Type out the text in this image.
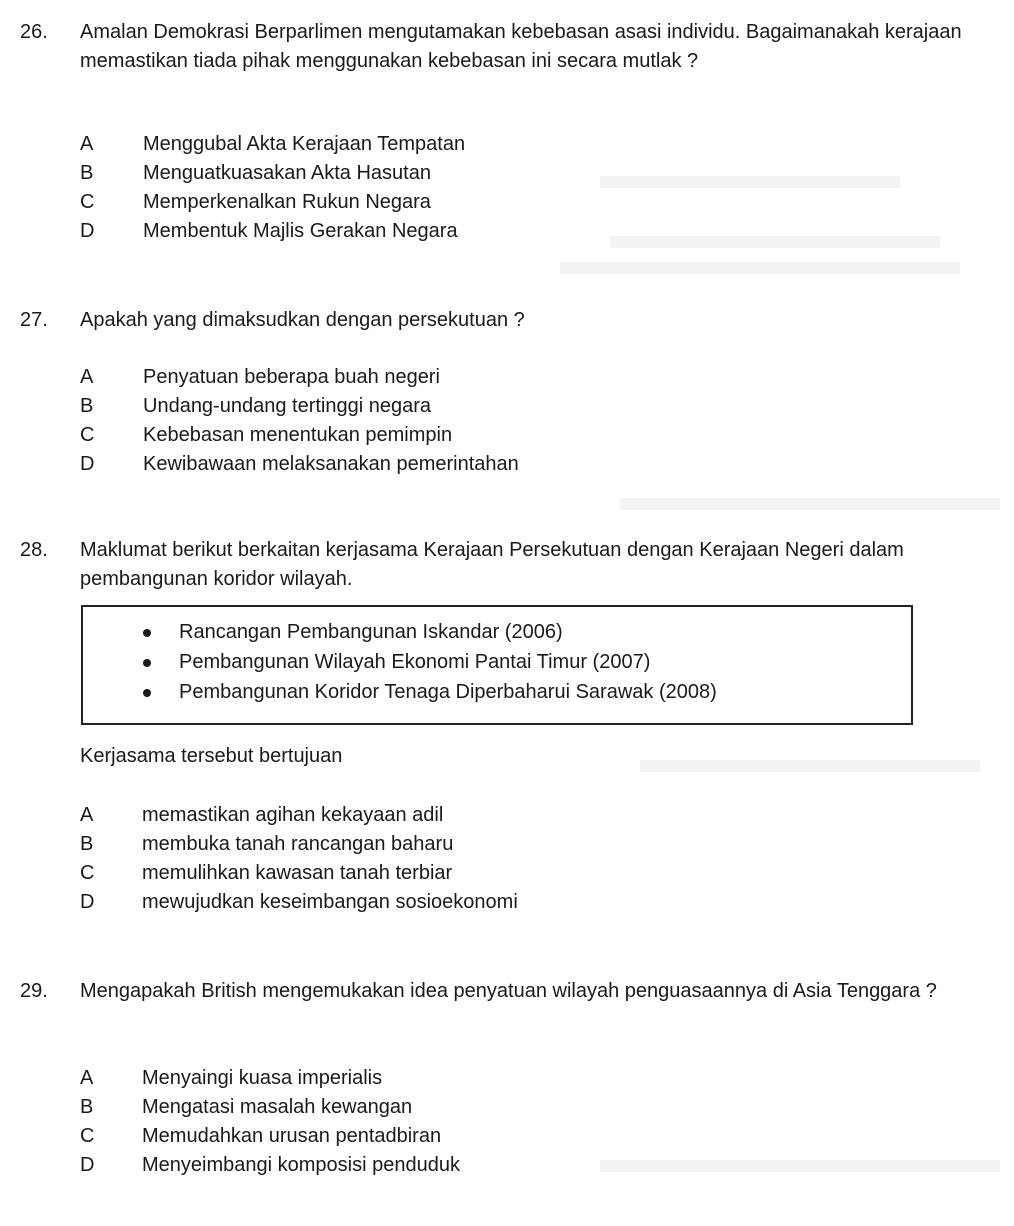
26. Amalan Demokrasi Berparlimen mengutamakan kebebasan asasi individu. Bagaimanakah kerajaan memastikan tiada pihak menggunakan kebebasan ini secara mutlak ?
A	Menggubal Akta Kerajaan Tempatan
B	Menguatkuasakan Akta Hasutan
C	Memperkenalkan Rukun Negara
D	Membentuk Majlis Gerakan Negara
27. Apakah yang dimaksudkan dengan persekutuan ?
A	Penyatuan beberapa buah negeri
B	Undang-undang tertinggi negara
C	Kebebasan menentukan pemimpin
D	Kewibawaan melaksanakan pemerintahan
28. Maklumat berikut berkaitan kerjasama Kerajaan Persekutuan dengan Kerajaan Negeri dalam pembangunan koridor wilayah.
Rancangan Pembangunan Iskandar (2006)
Pembangunan Wilayah Ekonomi Pantai Timur (2007)
Pembangunan Koridor Tenaga Diperbaharui Sarawak (2008)
Kerjasama tersebut bertujuan
A	memastikan agihan kekayaan adil
B	membuka tanah rancangan baharu
C	memulihkan kawasan tanah terbiar
D	mewujudkan keseimbangan sosioekonomi
29. Mengapakah British mengemukakan idea penyatuan wilayah penguasaannya di Asia Tenggara ?
A	Menyaingi kuasa imperialis
B	Mengatasi masalah kewangan
C	Memudahkan urusan pentadbiran
D	Menyeimbangi komposisi penduduk
